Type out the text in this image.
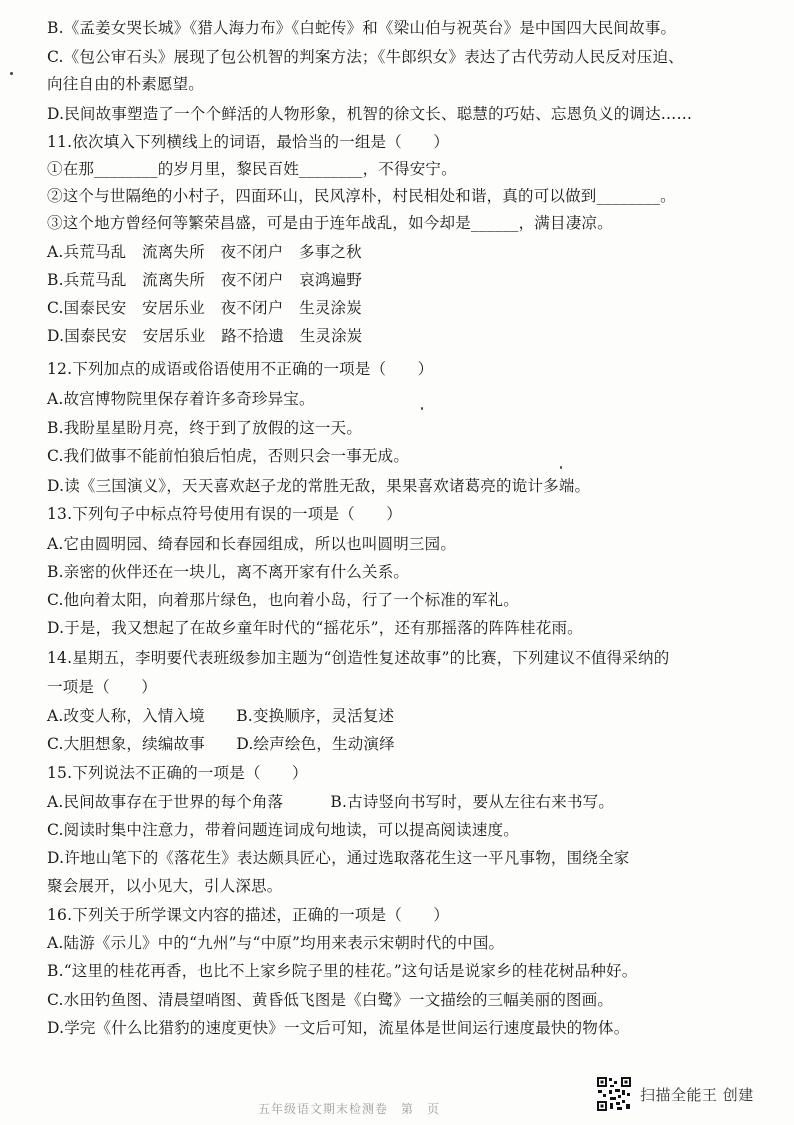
B.《孟姜女哭长城》《猎人海力布》《白蛇传》和《梁山伯与祝英台》是中国四大民间故事。
C.《包公审石头》展现了包公机智的判案方法；《牛郎织女》表达了古代劳动人民反对压迫、
向往自由的朴素愿望。
D.民间故事塑造了一个个鲜活的人物形象，机智的徐文长、聪慧的巧姑、忘恩负义的调达……
11.依次填入下列横线上的词语，最恰当的一组是（　　）
①在那________的岁月里，黎民百姓________，不得安宁。
②这个与世隔绝的小村子，四面环山，民风淳朴，村民相处和谐，真的可以做到________。
③这个地方曾经何等繁荣昌盛，可是由于连年战乱，如今却是______，满目凄凉。
A.兵荒马乱　流离失所　夜不闭户　多事之秋
B.兵荒马乱　流离失所　夜不闭户　哀鸿遍野
C.国泰民安　安居乐业　夜不闭户　生灵涂炭
D.国泰民安　安居乐业　路不拾遗　生灵涂炭
12.下列加点的成语或俗语使用不正确的一项是（　　）
A.故宫博物院里保存着许多奇珍异宝。
B.我盼星星盼月亮，终于到了放假的这一天。
C.我们做事不能前怕狼后怕虎，否则只会一事无成。
D.读《三国演义》，天天喜欢赵子龙的常胜无敌，果果喜欢诸葛亮的诡计多端。
13.下列句子中标点符号使用有误的一项是（　　）
A.它由圆明园、绮春园和长春园组成，所以也叫圆明三园。
B.亲密的伙伴还在一块儿，离不离开家有什么关系。
C.他向着太阳，向着那片绿色，也向着小岛，行了一个标准的军礼。
D.于是，我又想起了在故乡童年时代的“摇花乐”，还有那摇落的阵阵桂花雨。
14.星期五，李明要代表班级参加主题为“创造性复述故事”的比赛，下列建议不值得采纳的
一项是（　　）
A.改变人称，入情入境　　B.变换顺序，灵活复述
C.大胆想象，续编故事　　D.绘声绘色，生动演绎
15.下列说法不正确的一项是（　　）
A.民间故事存在于世界的每个角落　　　B.古诗竖向书写时，要从左往右来书写。
C.阅读时集中注意力，带着问题连词成句地读，可以提高阅读速度。
D.许地山笔下的《落花生》表达颇具匠心，通过选取落花生这一平凡事物，围绕全家
聚会展开，以小见大，引人深思。
16.下列关于所学课文内容的描述，正确的一项是（　　）
A.陆游《示儿》中的“九州”与“中原”均用来表示宋朝时代的中国。
B.“这里的桂花再香，也比不上家乡院子里的桂花。”这句话是说家乡的桂花树品种好。
C.水田钓鱼图、清晨望哨图、黄昏低飞图是《白鹭》一文描绘的三幅美丽的图画。
D.学完《什么比猎豹的速度更快》一文后可知，流星体是世间运行速度最快的物体。
五年级语文期末检测卷　第　页
扫描全能王 创建
